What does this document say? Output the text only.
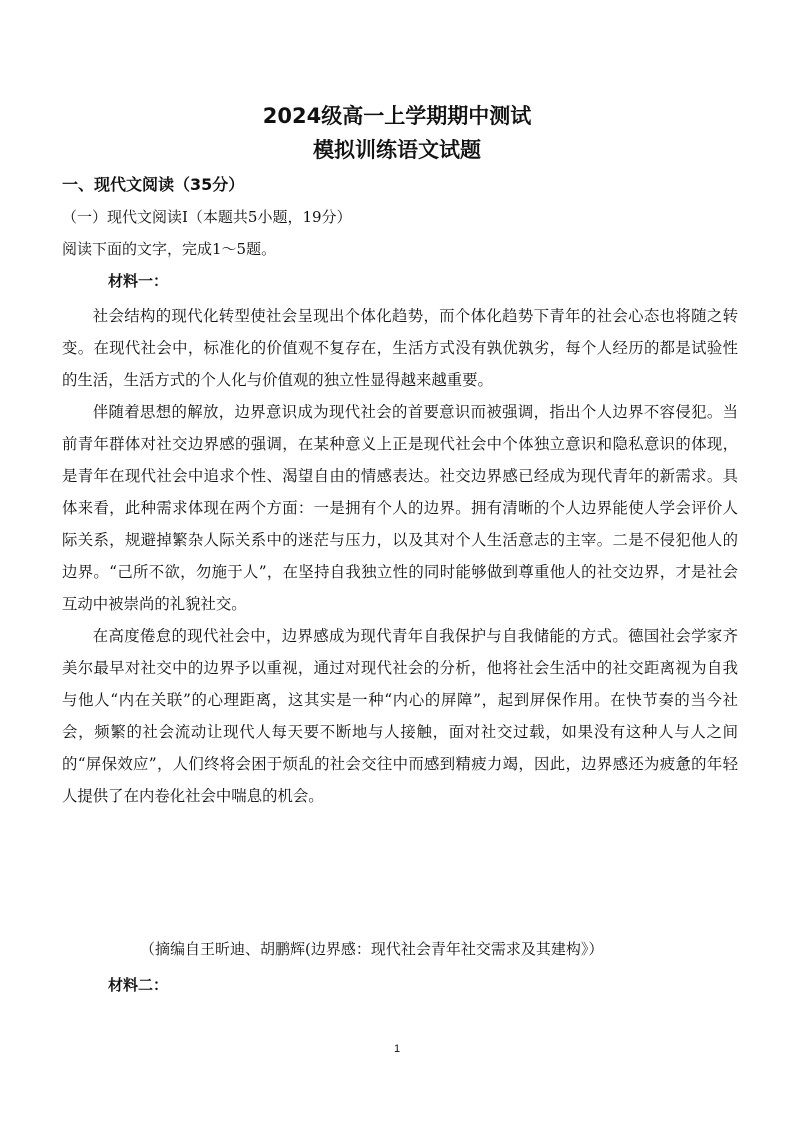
2024级高一上学期期中测试
模拟训练语文试题
一、现代文阅读（35分）
（一）现代文阅读Ⅰ（本题共5小题，19分）
阅读下面的文字，完成1～5题。
材料一：

社会结构的现代化转型使社会呈现出个体化趋势，而个体化趋势下青年的社会心态也将随之转变。在现代社会中，标准化的价值观不复存在，生活方式没有孰优孰劣，每个人经历的都是试验性的生活，生活方式的个人化与价值观的独立性显得越来越重要。

伴随着思想的解放，边界意识成为现代社会的首要意识而被强调，指出个人边界不容侵犯。当前青年群体对社交边界感的强调，在某种意义上正是现代社会中个体独立意识和隐私意识的体现，是青年在现代社会中追求个性、渴望自由的情感表达。社交边界感已经成为现代青年的新需求。具体来看，此种需求体现在两个方面：一是拥有个人的边界。拥有清晰的个人边界能使人学会评价人际关系，规避掉繁杂人际关系中的迷茫与压力，以及其对个人生活意志的主宰。二是不侵犯他人的边界。“己所不欲，勿施于人”，在坚持自我独立性的同时能够做到尊重他人的社交边界，才是社会互动中被崇尚的礼貌社交。

在高度倦怠的现代社会中，边界感成为现代青年自我保护与自我储能的方式。德国社会学家齐美尔最早对社交中的边界予以重视，通过对现代社会的分析，他将社会生活中的社交距离视为自我与他人“内在关联”的心理距离，这其实是一种“内心的屏障”，起到屏保作用。在快节奏的当今社会，频繁的社会流动让现代人每天要不断地与人接触，面对社交过载，如果没有这种人与人之间的“屏保效应”，人们终将会困于烦乱的社会交往中而感到精疲力竭，因此，边界感还为疲惫的年轻人提供了在内卷化社会中喘息的机会。

（摘编自王昕迪、胡鹏辉(边界感：现代社会青年社交需求及其建构》）
材料二：
1
